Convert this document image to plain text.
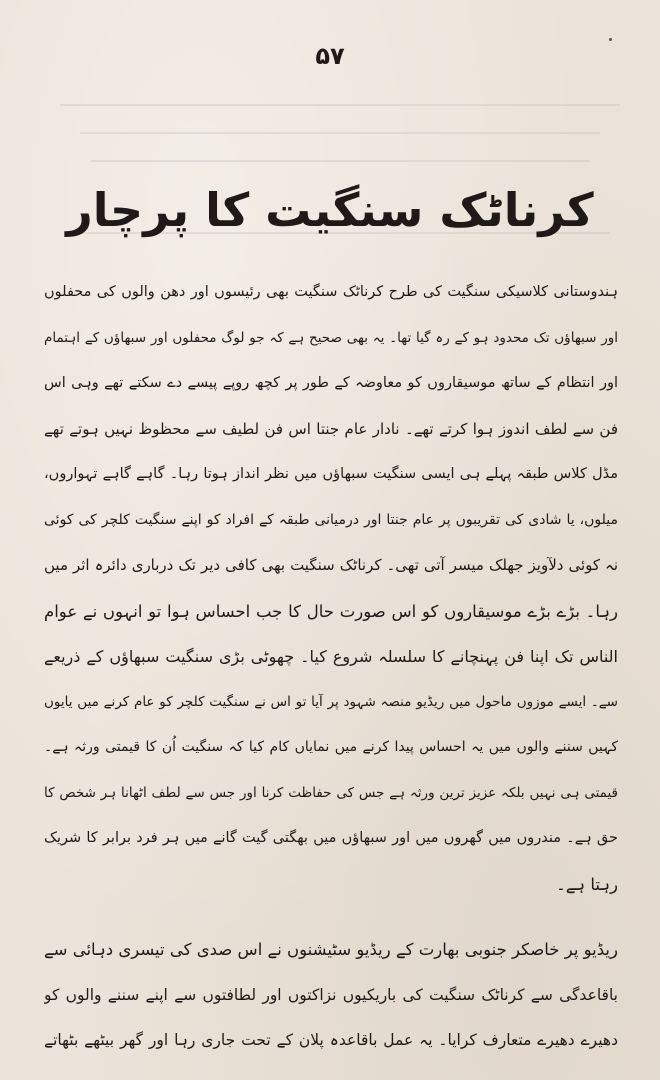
۵۷
کرناٹک سنگیت کا پرچار
ہندوستانی کلاسیکی سنگیت کی طرح کرناٹک سنگیت بھی رئیسوں اور دھن والوں کی محفلوں
اور سبھاؤں تک محدود ہو کے رہ گیا تھا۔ یہ بھی صحیح ہے کہ جو لوگ محفلوں اور سبھاؤں کے اہتمام
اور انتظام کے ساتھ موسیقاروں کو معاوضہ کے طور پر کچھ روپے پیسے دے سکتے تھے وہی اس
فن سے لطف اندوز ہوا کرتے تھے۔ نادار عام جنتا اس فن لطیف سے محظوظ نہیں ہوتے تھے
مڈل کلاس طبقہ پہلے ہی ایسی سنگیت سبھاؤں میں نظر انداز ہوتا رہا۔ گاہے گاہے تہواروں،
میلوں، یا شادی کی تقریبوں پر عام جنتا اور درمیانی طبقہ کے افراد کو اپنے سنگیت کلچر کی کوئی
نہ کوئی دلآویز جھلک میسر آتی تھی۔ کرناٹک سنگیت بھی کافی دیر تک درباری دائرہ اثر میں
رہا۔ بڑے بڑے موسیقاروں کو اس صورت حال کا جب احساس ہوا تو انہوں نے عوام
الناس تک اپنا فن پہنچانے کا سلسلہ شروع کیا۔ چھوٹی بڑی سنگیت سبھاؤں کے ذریعے
سے۔ ایسے موزوں ماحول میں ریڈیو منصہ شہود پر آیا تو اس نے سنگیت کلچر کو عام کرنے میں یایوں
کہیں سننے والوں میں یہ احساس پیدا کرنے میں نمایاں کام کیا کہ سنگیت اُن کا قیمتی ورثہ ہے۔
قیمتی ہی نہیں بلکہ عزیز ترین ورثہ ہے جس کی حفاظت کرنا اور جس سے لطف اٹھانا ہر شخص کا
حق ہے۔ مندروں میں گھروں میں اور سبھاؤں میں بھگتی گیت گانے میں ہر فرد برابر کا شریک
رہتا ہے۔
ریڈیو پر خاصکر جنوبی بھارت کے ریڈیو سٹیشنوں نے اس صدی کی تیسری دہائی سے
باقاعدگی سے کرناٹک سنگیت کی باریکیوں نزاکتوں اور لطافتوں سے اپنے سننے والوں کو
دھیرے دھیرے متعارف کرایا۔ یہ عمل باقاعدہ پلان کے تحت جاری رہا اور گھر بیٹھے بٹھاتے
